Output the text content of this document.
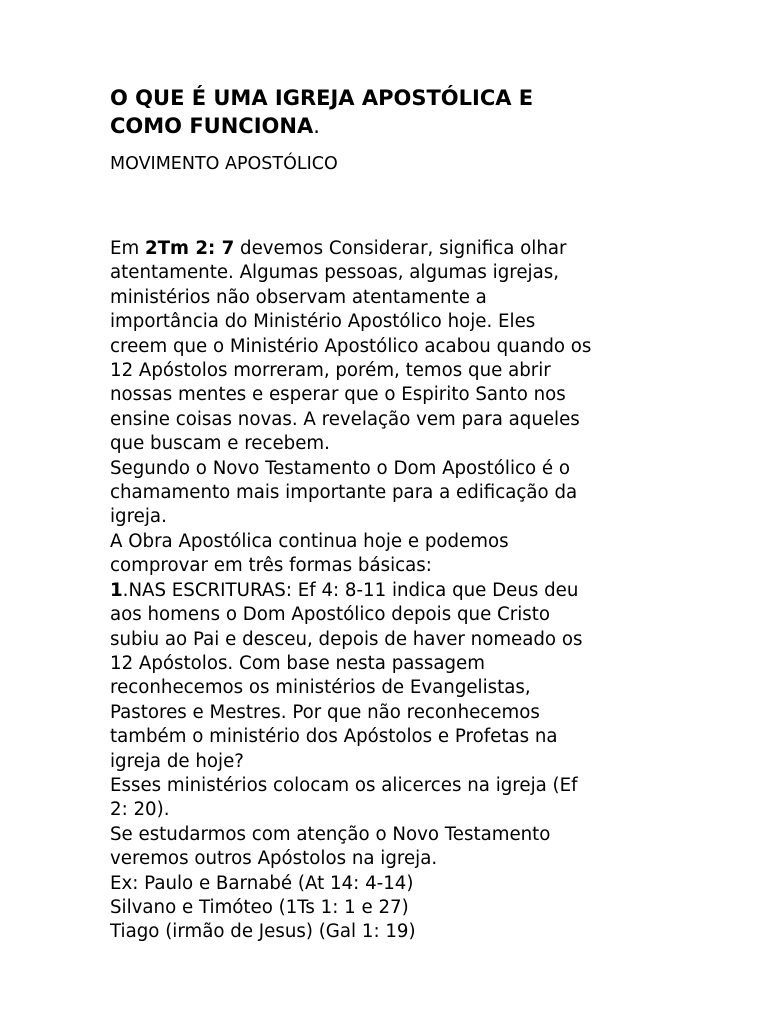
O QUE É UMA IGREJA APOSTÓLICA E
COMO FUNCIONA.
MOVIMENTO APOSTÓLICO
Em 2Tm 2: 7 devemos Considerar, significa olhar
atentamente. Algumas pessoas, algumas igrejas,
ministérios não observam atentamente a
importância do Ministério Apostólico hoje. Eles
creem que o Ministério Apostólico acabou quando os
12 Apóstolos morreram, porém, temos que abrir
nossas mentes e esperar que o Espirito Santo nos
ensine coisas novas. A revelação vem para aqueles
que buscam e recebem.
Segundo o Novo Testamento o Dom Apostólico é o
chamamento mais importante para a edificação da
igreja.
A Obra Apostólica continua hoje e podemos
comprovar em três formas básicas:
1.NAS ESCRITURAS: Ef 4: 8-11 indica que Deus deu
aos homens o Dom Apostólico depois que Cristo
subiu ao Pai e desceu, depois de haver nomeado os
12 Apóstolos. Com base nesta passagem
reconhecemos os ministérios de Evangelistas,
Pastores e Mestres. Por que não reconhecemos
também o ministério dos Apóstolos e Profetas na
igreja de hoje?
Esses ministérios colocam os alicerces na igreja (Ef
2: 20).
Se estudarmos com atenção o Novo Testamento
veremos outros Apóstolos na igreja.
Ex: Paulo e Barnabé (At 14: 4-14)
Silvano e Timóteo (1Ts 1: 1 e 27)
Tiago (irmão de Jesus) (Gal 1: 19)
